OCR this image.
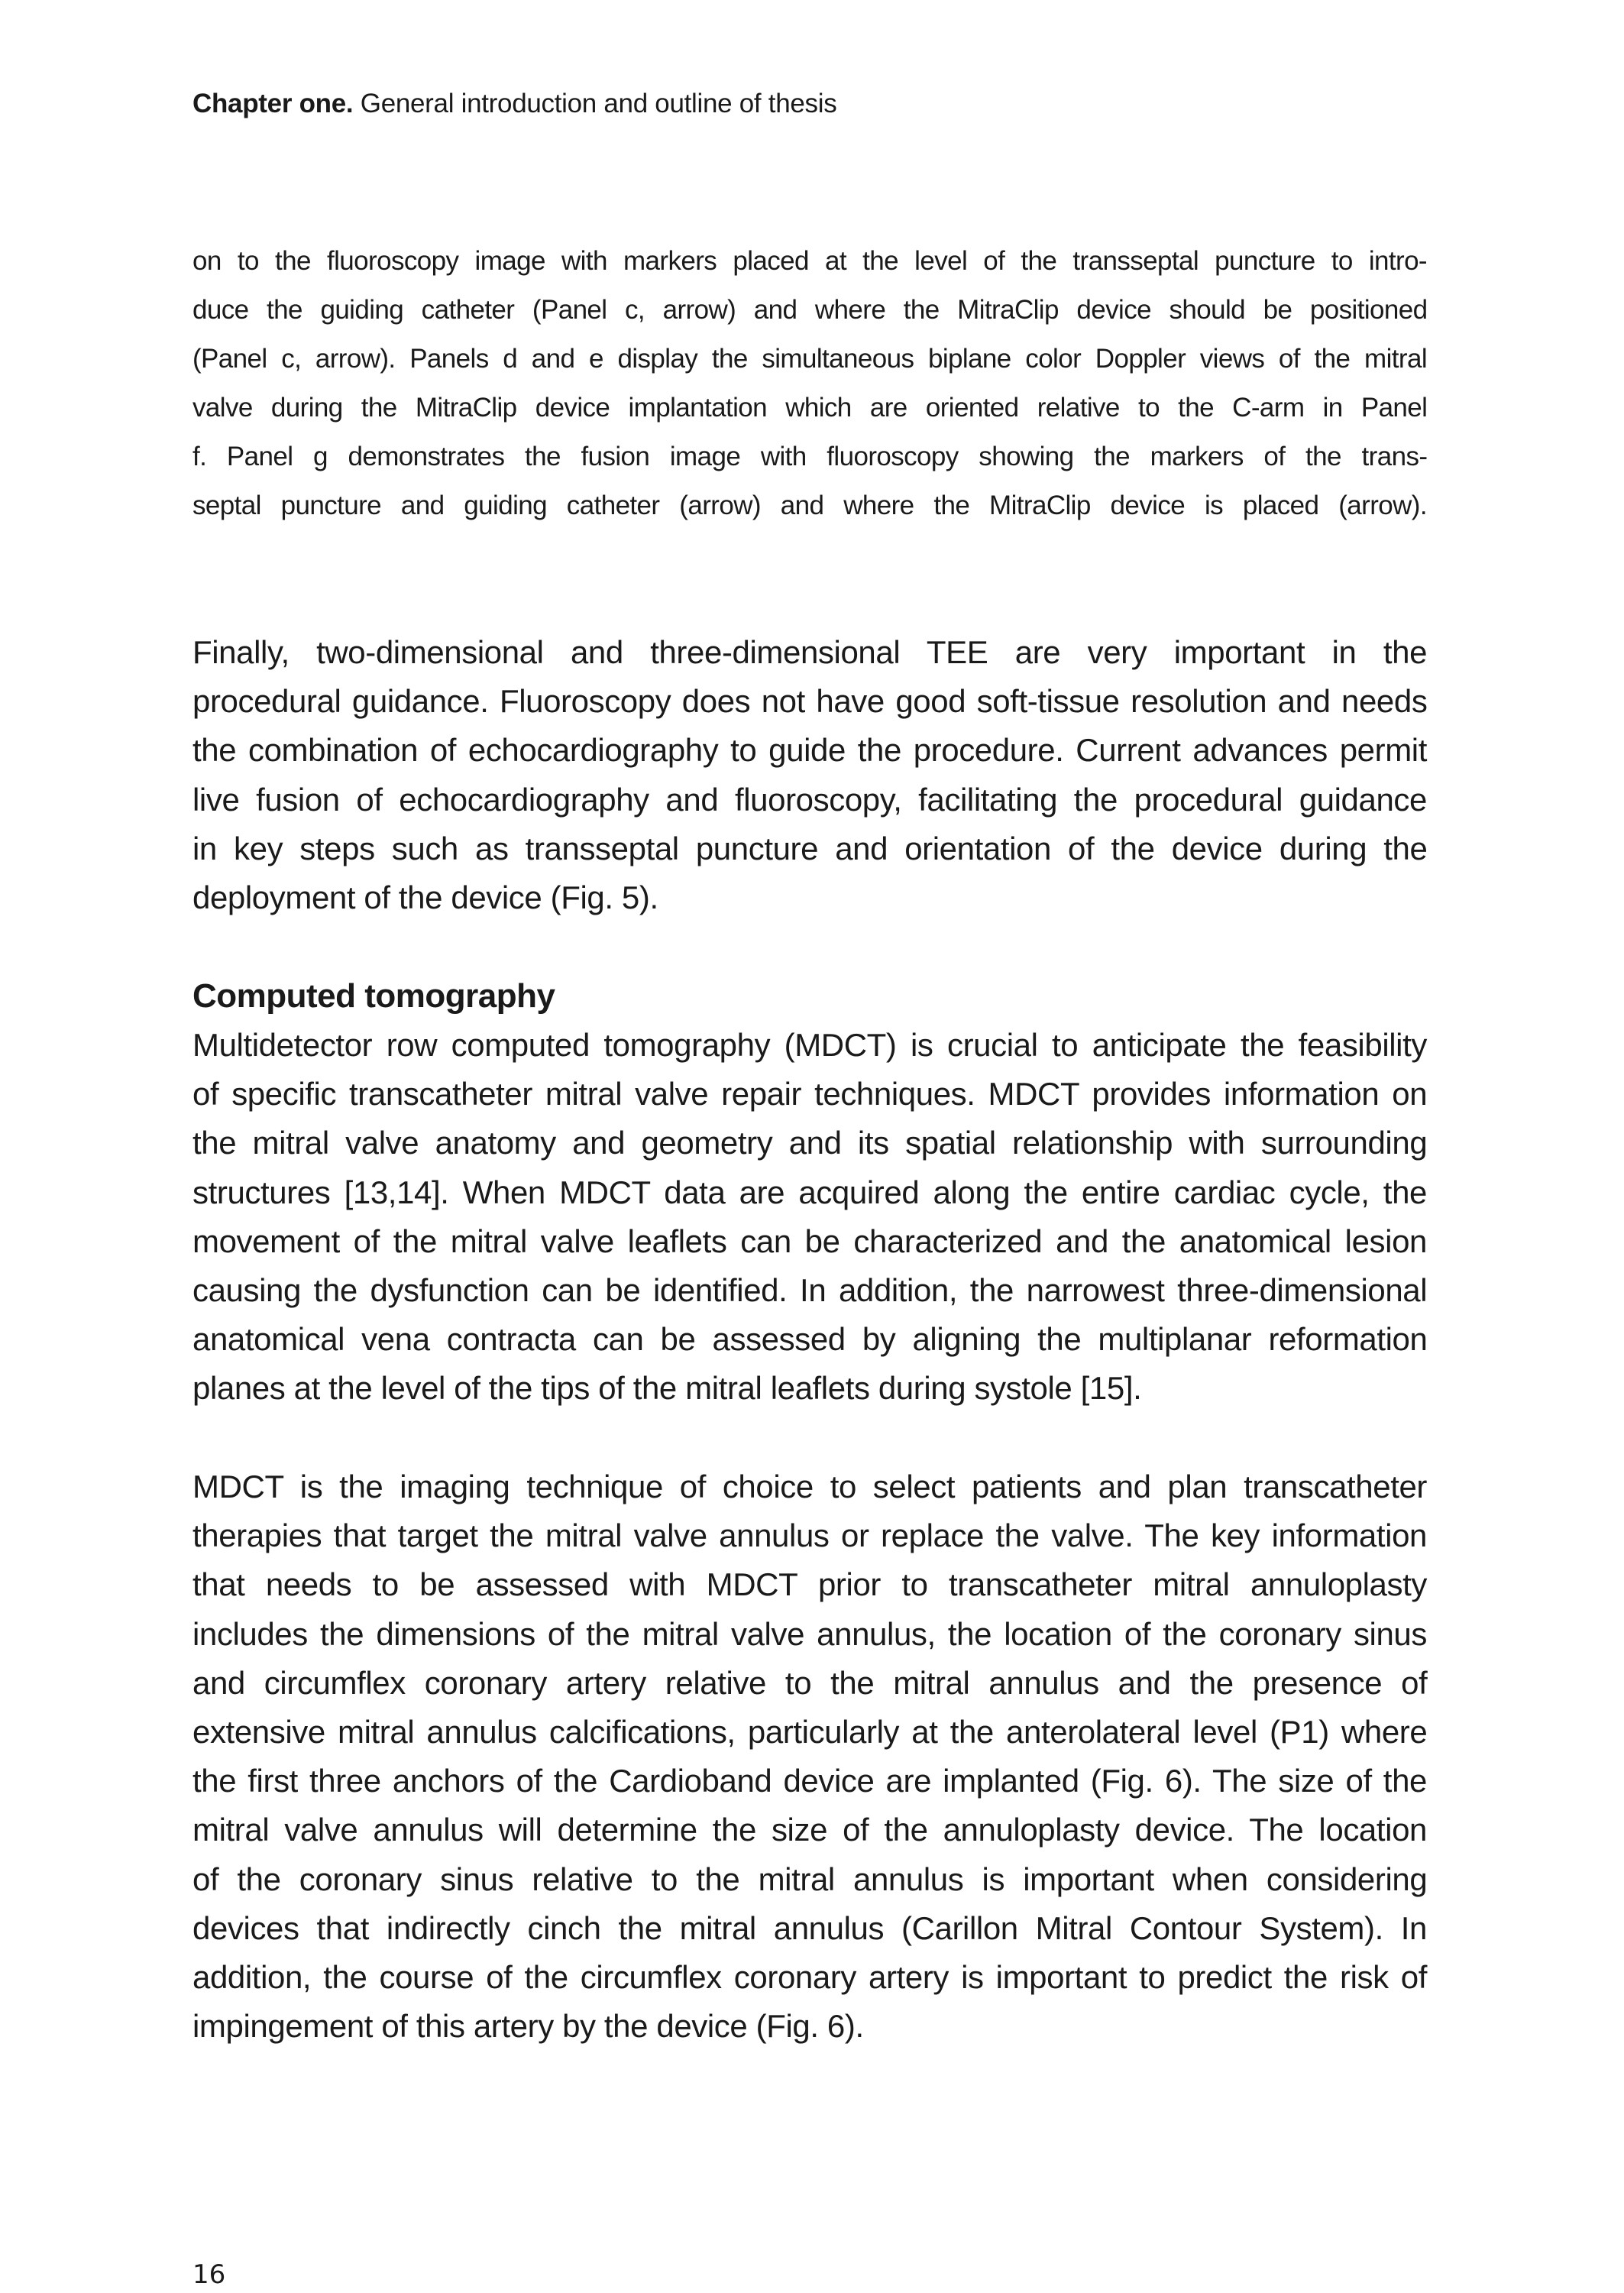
Chapter one. General introduction and outline of thesis
on to the fluoroscopy image with markers placed at the level of the transseptal puncture to intro-
duce the guiding catheter (Panel c, arrow) and where the MitraClip device should be positioned
(Panel c, arrow). Panels d and e display the simultaneous biplane color Doppler views of the mitral
valve during the MitraClip device implantation which are oriented relative to the C-arm in Panel
f. Panel g demonstrates the fusion image with fluoroscopy showing the markers of the trans-
septal puncture and guiding catheter (arrow) and where the MitraClip device is placed (arrow).
Finally, two-dimensional and three-dimensional TEE are very important in the
procedural guidance. Fluoroscopy does not have good soft-tissue resolution and needs
the combination of echocardiography to guide the procedure. Current advances permit
live fusion of echocardiography and fluoroscopy, facilitating the procedural guidance
in key steps such as transseptal puncture and orientation of the device during the
deployment of the device (Fig. 5).
Computed tomography
Multidetector row computed tomography (MDCT) is crucial to anticipate the feasibility
of specific transcatheter mitral valve repair techniques. MDCT provides information on
the mitral valve anatomy and geometry and its spatial relationship with surrounding
structures [13,14]. When MDCT data are acquired along the entire cardiac cycle, the
movement of the mitral valve leaflets can be characterized and the anatomical lesion
causing the dysfunction can be identified. In addition, the narrowest three-dimensional
anatomical vena contracta can be assessed by aligning the multiplanar reformation
planes at the level of the tips of the mitral leaflets during systole [15].
MDCT is the imaging technique of choice to select patients and plan transcatheter
therapies that target the mitral valve annulus or replace the valve. The key information
that needs to be assessed with MDCT prior to transcatheter mitral annuloplasty
includes the dimensions of the mitral valve annulus, the location of the coronary sinus
and circumflex coronary artery relative to the mitral annulus and the presence of
extensive mitral annulus calcifications, particularly at the anterolateral level (P1) where
the first three anchors of the Cardioband device are implanted (Fig. 6). The size of the
mitral valve annulus will determine the size of the annuloplasty device. The location
of the coronary sinus relative to the mitral annulus is important when considering
devices that indirectly cinch the mitral annulus (Carillon Mitral Contour System). In
addition, the course of the circumflex coronary artery is important to predict the risk of
impingement of this artery by the device (Fig. 6).
16
